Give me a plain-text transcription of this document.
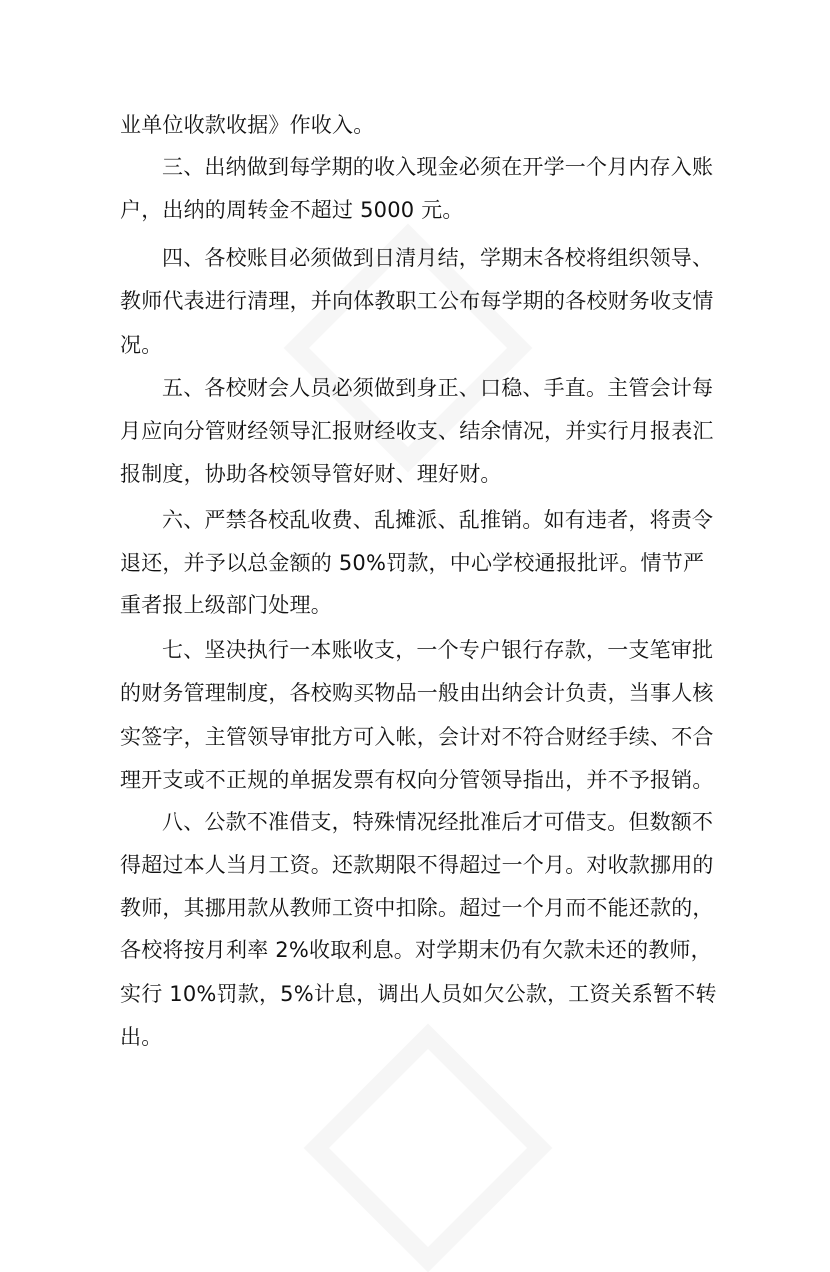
业单位收款收据》作收入。
三、出纳做到每学期的收入现金必须在开学一个月内存入账
户，出纳的周转金不超过 5000 元。
四、各校账目必须做到日清月结，学期末各校将组织领导、
教师代表进行清理，并向体教职工公布每学期的各校财务收支情
况。
五、各校财会人员必须做到身正、口稳、手直。主管会计每
月应向分管财经领导汇报财经收支、结余情况，并实行月报表汇
报制度，协助各校领导管好财、理好财。
六、严禁各校乱收费、乱摊派、乱推销。如有违者，将责令
退还，并予以总金额的 50%罚款，中心学校通报批评。情节严
重者报上级部门处理。
七、坚决执行一本账收支，一个专户银行存款，一支笔审批
的财务管理制度，各校购买物品一般由出纳会计负责，当事人核
实签字，主管领导审批方可入帐，会计对不符合财经手续、不合
理开支或不正规的单据发票有权向分管领导指出，并不予报销。
八、公款不准借支，特殊情况经批准后才可借支。但数额不
得超过本人当月工资。还款期限不得超过一个月。对收款挪用的
教师，其挪用款从教师工资中扣除。超过一个月而不能还款的，
各校将按月利率 2%收取利息。对学期末仍有欠款未还的教师，
实行 10%罚款，5%计息，调出人员如欠公款，工资关系暂不转
出。
